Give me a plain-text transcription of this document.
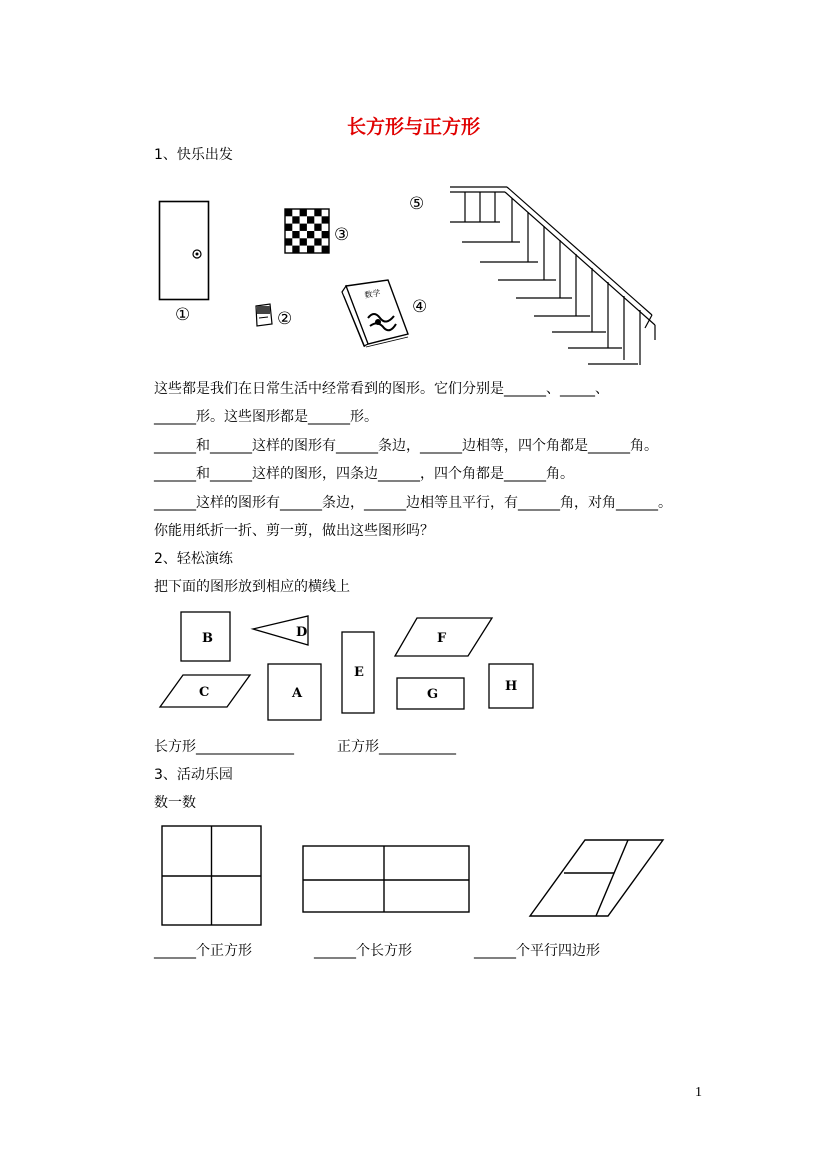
长方形与正方形
1、快乐出发
①
③
②
数学
④
⑤
这些都是我们在日常生活中经常看到的图形。它们分别是______、_____、
______形。这些图形都是______形。
______和______这样的图形有______条边，______边相等，四个角都是______角。
______和______这样的图形，四条边______，四个角都是______角。
______这样的图形有______条边，______边相等且平行，有______角，对角______。
你能用纸折一折、剪一剪，做出这些图形吗？
2、轻松演练
把下面的图形放到相应的横线上
A
B
C
D
E
F
G
H
长方形______________	正方形___________
3、活动乐园
数一数
______个正方形	______个长方形	______个平行四边形
1
